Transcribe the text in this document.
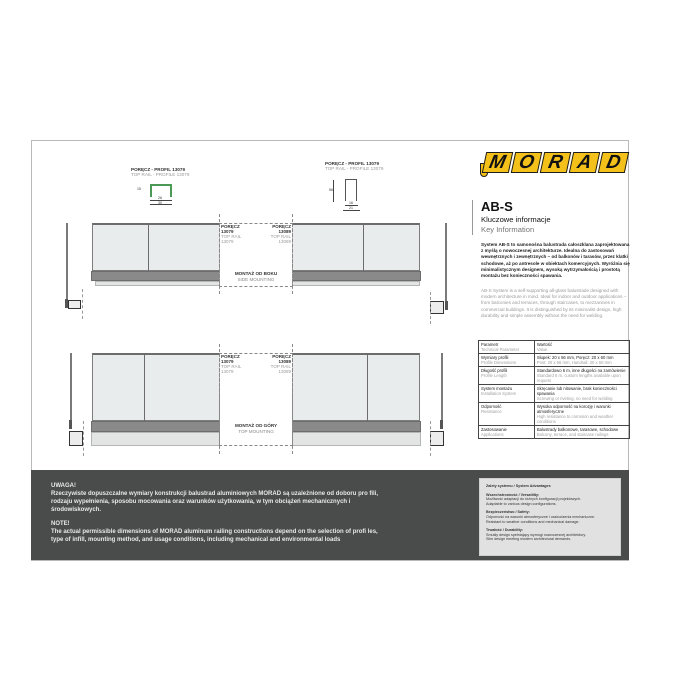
PORĘCZ - PROFIL 13079
TOP RAIL - PROFILE 13079
26
30
15
PORĘCZ - PROFIL 13079
TOP RAIL - PROFILE 13079
56
16
21
PORĘCZ
13079
TOP RAIL
13079
PORĘCZ
13089
TOP RAIL
13089
MONTAŻ OD BOKU
SIDE MOUNTING
PORĘCZ
13079
TOP RAIL
13079
PORĘCZ
13089
TOP RAIL
13089
MONTAŻ OD GÓRY
TOP MOUNTING
M O R A D
AB-S
Kluczowe informacje
Key Information
System AB-S to samonośna balustrada całoszklana zaprojektowana z myślą o nowoczesnej architekturze. Idealna do zastosowań wewnętrznych i zewnętrznych – od balkonów i tarasów, przez klatki schodowe, aż po antresole w obiektach komercyjnych. Wyróżnia się minimalistycznym designem, wysoką wytrzymałością i prostotą montażu bez konieczności spawania.
AB-S System is a self-supporting all-glass balustrade designed with modern architecture in mind. Ideal for indoor and outdoor applications – from balconies and terraces, through staircases, to mezzanines in commercial buildings. It is distinguished by its minimalist design, high durability and simple assembly without the need for welding.
Parametr
Technical Parameter	Wartość
Value

Wymiary profili
Profile Dimensions	Słupek: 20 x 56 mm, Poręcz: 20 x 60 mm
Post: 20 x 56 mm, Handrail: 20 x 60 mm

Długość profili
Profile Length	Standardowo 6 m, inne długości na zamówienie
Standard 6 m, custom lengths available upon request

System montażu
Installation System	Skręcanie lub nitowanie, brak konieczności spawania
Screwing or riveting, no need for welding

Odporność
Resistance	Wysoka odporność na korozję i warunki atmosferyczne
High resistance to corrosion and weather conditions

Zastosowanie
Applications	Balustrady balkonowe, tarasowe, schodowe
Balcony, terrace, and staircase railings
UWAGA!
Rzeczywiste dopuszczalne wymiary konstrukcji balustrad aluminiowych MORAD są uzależnione od doboru pro fili, rodzaju wypełnienia, sposobu mocowania oraz warunków użytkowania, w tym obciążeń mechanicznych i środowiskowych.
NOTE!
The actual permissible dimensions of MORAD aluminum railing constructions depend on the selection of profi les, type of infill, mounting method, and usage conditions, including mechanical and environmental loads
Zalety systemu / System Advantages
Wszechstronność / Versatility:
Możliwość adaptacji do różnych konfiguracji projektowych.
Adaptable to various design configurations.
Bezpieczeństwo / Safety:
Odporność na warunki atmosferyczne i uszkodzenia mechaniczne.
Resistant to weather conditions and mechanical damage.
Trwałość / Durability:
Smukły design spełniający wymogi nowoczesnej architektury.
Slim design meeting modern architectural demands.
